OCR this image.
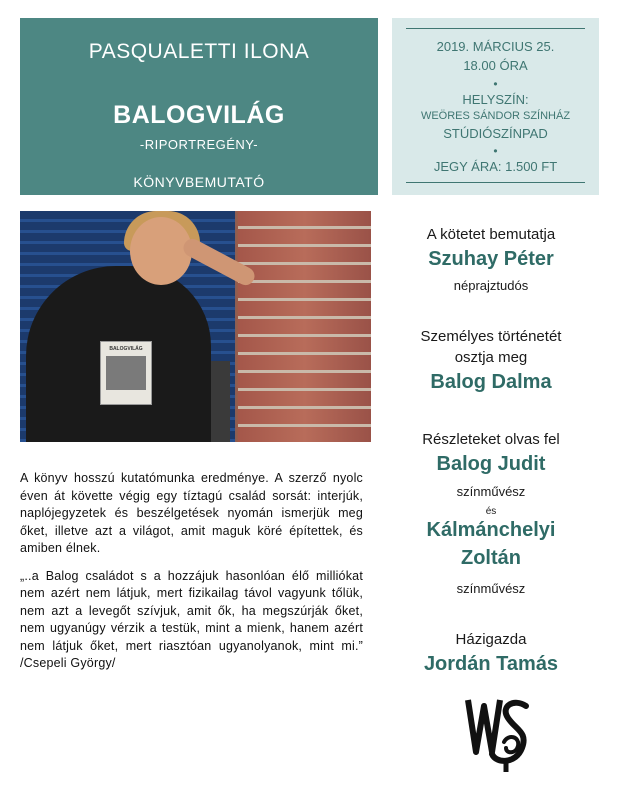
PASQUALETTI ILONA
BALOGVILÁG
-RIPORTREGÉNY-
KÖNYVBEMUTATÓ
2019. MÁRCIUS 25.
18.00 ÓRA
•
HELYSZÍN:
WEÖRES SÁNDOR SZÍNHÁZ
STÚDIÓSZÍNPAD
•
JEGY ÁRA: 1.500 FT
BALOGVILÁG

A könyv hosszú kutatómunka eredménye. A szerző nyolc éven át követte végig egy tíztagú család sorsát: interjúk, naplójegyzetek és beszélgetések nyomán ismerjük meg őket, illetve azt a világot, amit maguk köré építettek, és amiben élnek.

„..a Balog családot s a hozzájuk hasonlóan élő milliókat nem azért nem látjuk, mert fizikailag távol vagyunk tőlük, nem azt a levegőt szívjuk, amit ők, ha megszúrják őket, nem ugyanúgy vérzik a testük, mint a mienk, hanem azért nem látjuk őket, mert riasztóan ugyanolyanok, mint mi.” /Csepeli György/

A kötetet bemutatja
Szuhay Péter
néprajztudós
Személyes történetét
osztja meg
Balog Dalma
Részleteket olvas fel
Balog Judit
színművész
és
Kálmánchelyi
Zoltán
színművész
Házigazda
Jordán Tamás
